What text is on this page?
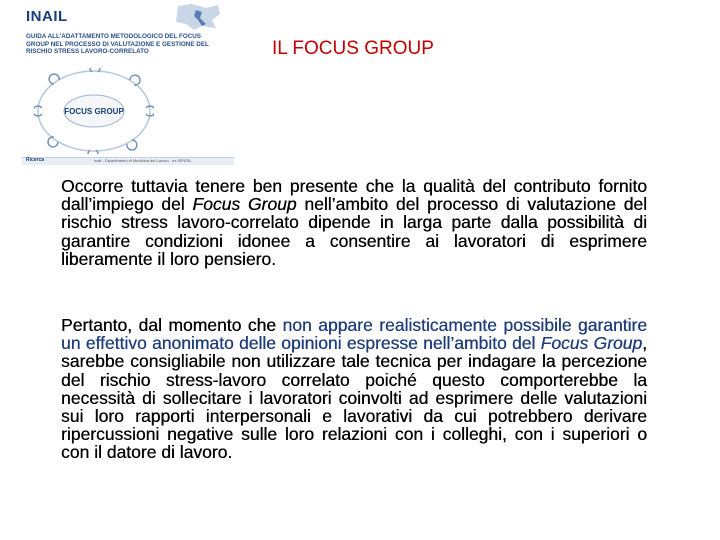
INAIL

GUIDA ALL'ADATTAMENTO METODOLOGICO DEL FOCUS GROUP NEL PROCESSO DI VALUTAZIONE E GESTIONE DEL RISCHIO STRESS LAVORO-CORRELATO

FOCUS GROUP
Ricerca	Inail - Dipartimento di Medicina del Lavoro - ex ISPESL
IL FOCUS GROUP

Occorre tuttavia tenere ben presente che la qualità del contributo fornito dall’impiego del Focus Group nell’ambito del processo di valutazione del rischio stress lavoro-correlato dipende in larga parte dalla possibilità di garantire condizioni idonee a consentire ai lavoratori di esprimere liberamente il loro pensiero.

Pertanto, dal momento che non appare realisticamente possibile garantire un effettivo anonimato delle opinioni espresse nell’ambito del Focus Group, sarebbe consigliabile non utilizzare tale tecnica per indagare la percezione del rischio stress-lavoro correlato poiché questo comporterebbe la necessità di sollecitare i lavoratori coinvolti ad esprimere delle valutazioni sui loro rapporti interpersonali e lavorativi da cui potrebbero derivare ripercussioni negative sulle loro relazioni con i colleghi, con i superiori o con il datore di lavoro.
